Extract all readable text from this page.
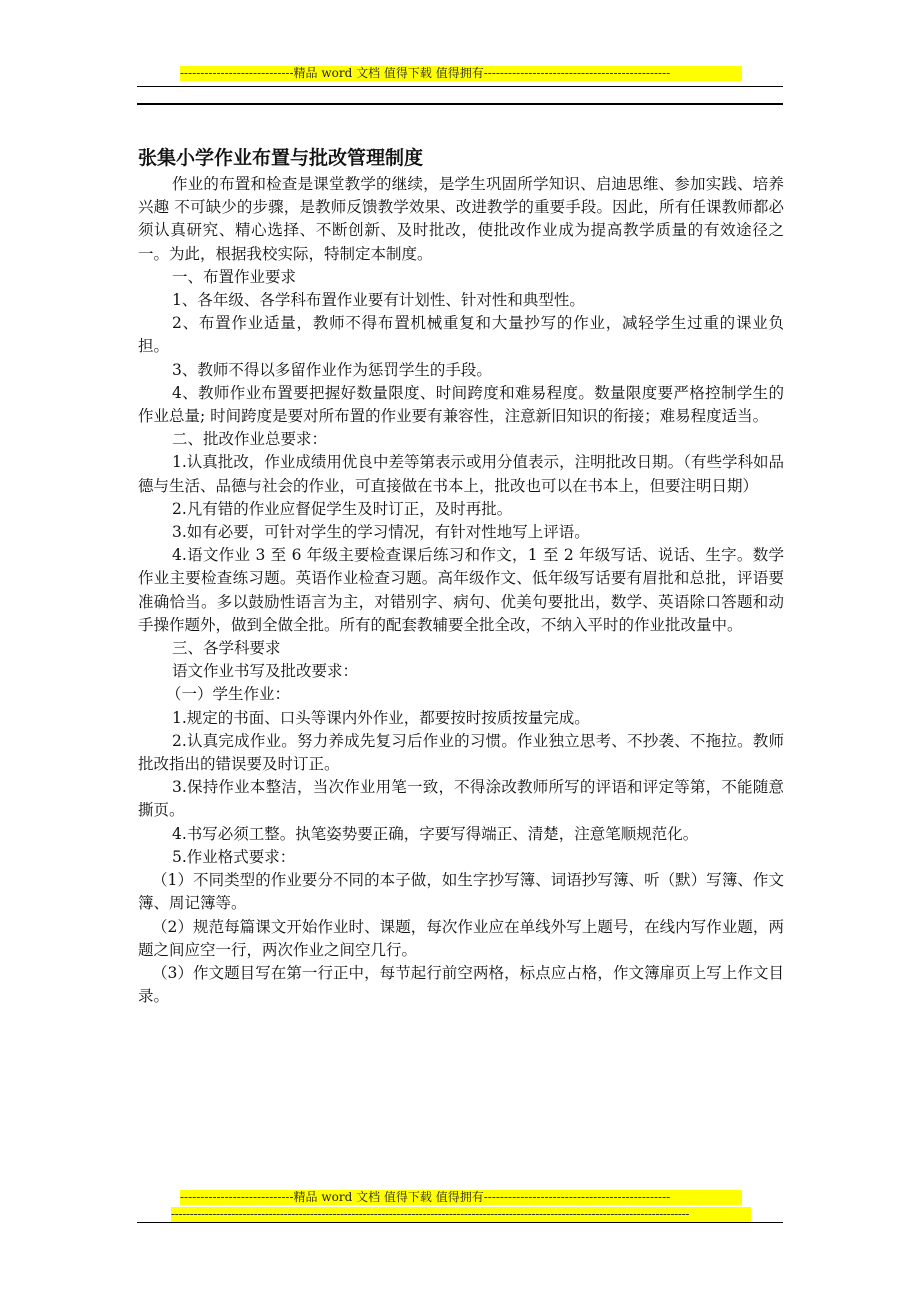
----------------------------精品 word 文档 值得下载 值得拥有----------------------------------------------
张集小学作业布置与批改管理制度

作业的布置和检查是课堂教学的继续，是学生巩固所学知识、启迪思维、参加实践、培养兴趣 不可缺少的步骤，是教师反馈教学效果、改进教学的重要手段。因此，所有任课教师都必须认真研究、精心选择、不断创新、及时批改，使批改作业成为提高教学质量的有效途径之一。为此，根据我校实际，特制定本制度。

一、布置作业要求

1、各年级、各学科布置作业要有计划性、针对性和典型性。

2、布置作业适量，教师不得布置机械重复和大量抄写的作业，减轻学生过重的课业负担。

3、教师不得以多留作业作为惩罚学生的手段。

4、教师作业布置要把握好数量限度、时间跨度和难易程度。数量限度要严格控制学生的作业总量; 时间跨度是要对所布置的作业要有兼容性，注意新旧知识的衔接；难易程度适当。

二、批改作业总要求：

1.认真批改，作业成绩用优良中差等第表示或用分值表示，注明批改日期。（有些学科如品德与生活、品德与社会的作业，可直接做在书本上，批改也可以在书本上，但要注明日期）

2.凡有错的作业应督促学生及时订正，及时再批。

3.如有必要，可针对学生的学习情况，有针对性地写上评语。

4.语文作业 3 至 6 年级主要检查课后练习和作文，1 至 2 年级写话、说话、生字。数学作业主要检查练习题。英语作业检查习题。高年级作文、低年级写话要有眉批和总批，评语要准确恰当。多以鼓励性语言为主，对错别字、病句、优美句要批出，数学、英语除口答题和动手操作题外，做到全做全批。所有的配套教辅要全批全改，不纳入平时的作业批改量中。

三、各学科要求

语文作业书写及批改要求：

（一）学生作业：

1.规定的书面、口头等课内外作业，都要按时按质按量完成。

2.认真完成作业。努力养成先复习后作业的习惯。作业独立思考、不抄袭、不拖拉。教师批改指出的错误要及时订正。

3.保持作业本整洁，当次作业用笔一致，不得涂改教师所写的评语和评定等第，不能随意撕页。

4.书写必须工整。执笔姿势要正确，字要写得端正、清楚，注意笔顺规范化。

5.作业格式要求：

（1）不同类型的作业要分不同的本子做，如生字抄写簿、词语抄写簿、听（默）写簿、作文簿、周记簿等。

（2）规范每篇课文开始作业时、课题，每次作业应在单线外写上题号，在线内写作业题，两题之间应空一行，两次作业之间空几行。

（3）作文题目写在第一行正中，每节起行前空两格，标点应占格，作文簿扉页上写上作文目录。

----------------------------精品 word 文档 值得下载 值得拥有----------------------------------------------
------------------------------------------------------------------------------------------------------------------------------------------
